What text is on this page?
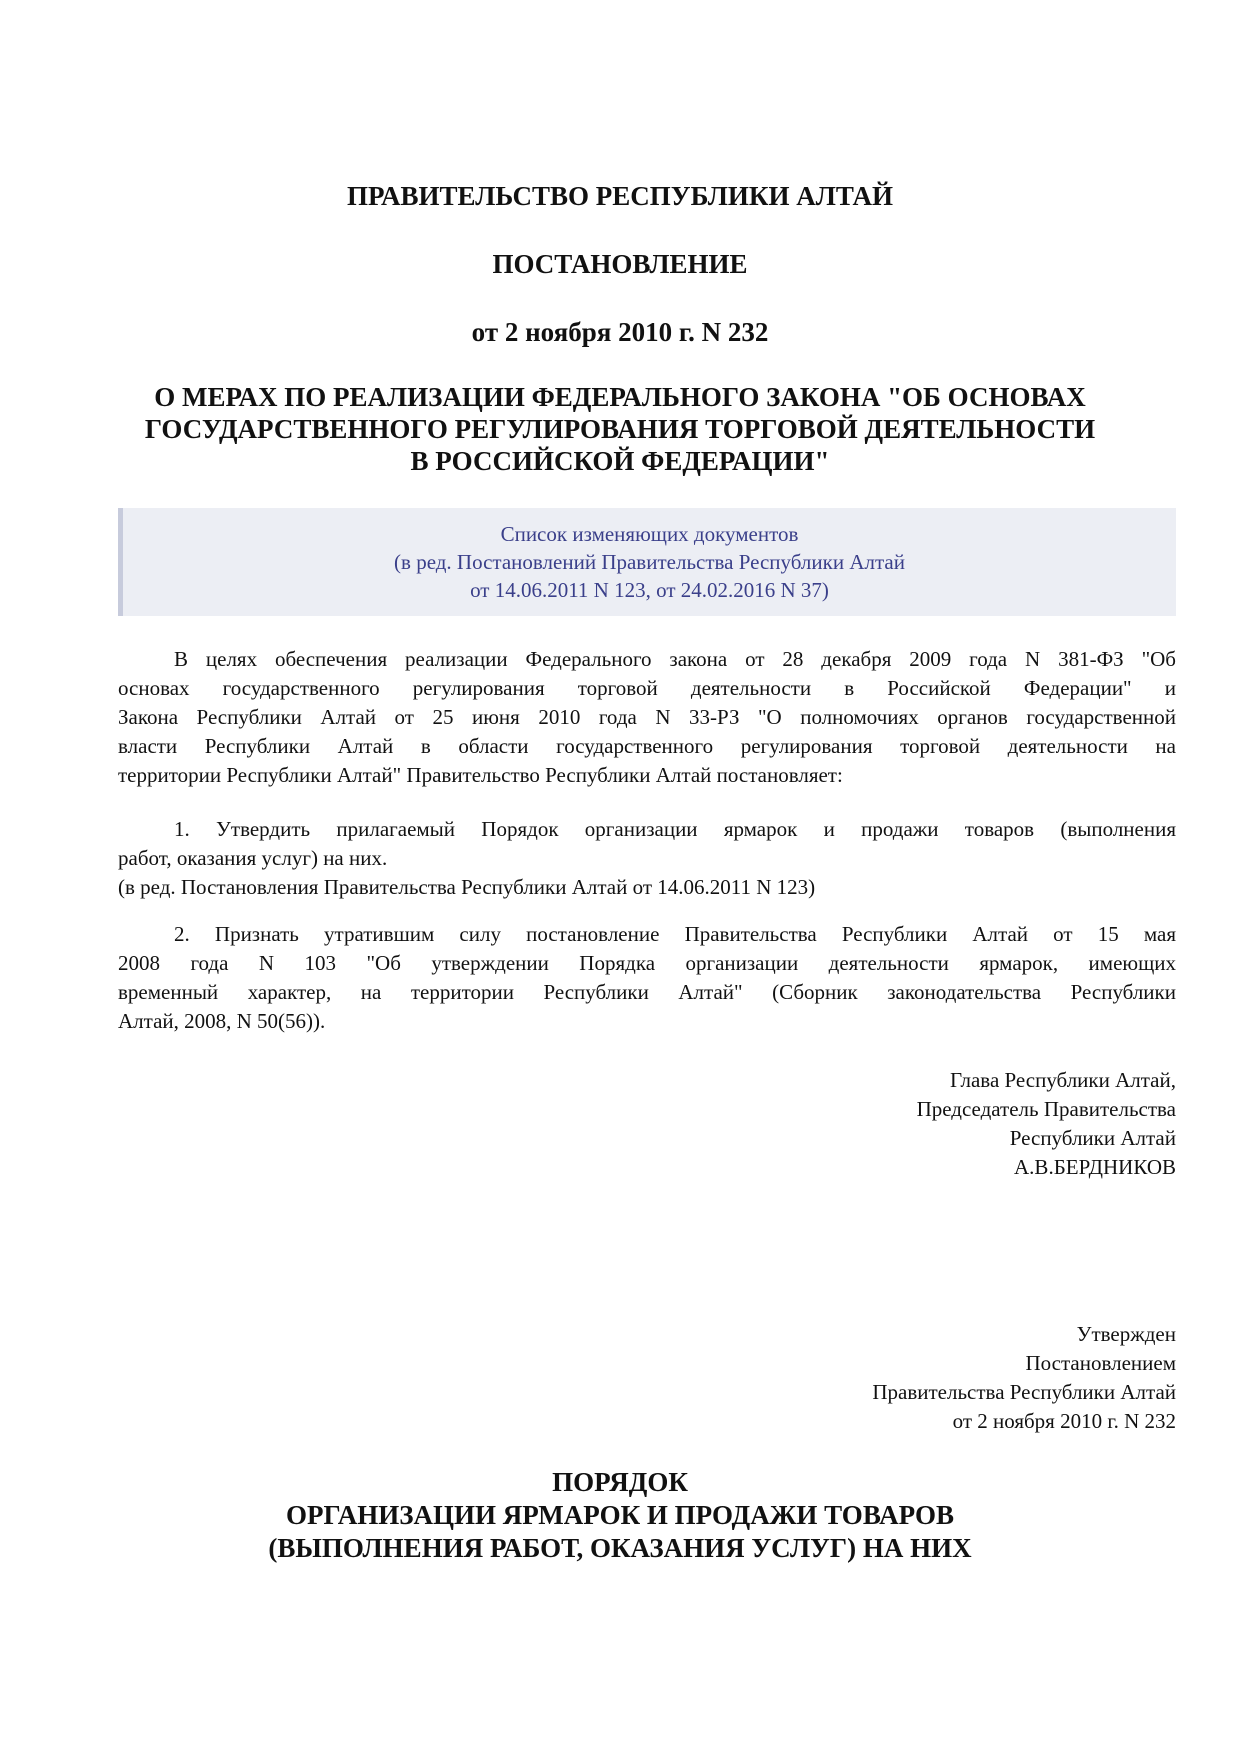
ПРАВИТЕЛЬСТВО РЕСПУБЛИКИ АЛТАЙ
ПОСТАНОВЛЕНИЕ
от 2 ноября 2010 г. N 232
О МЕРАХ ПО РЕАЛИЗАЦИИ ФЕДЕРАЛЬНОГО ЗАКОНА "ОБ ОСНОВАХ
ГОСУДАРСТВЕННОГО РЕГУЛИРОВАНИЯ ТОРГОВОЙ ДЕЯТЕЛЬНОСТИ
В РОССИЙСКОЙ ФЕДЕРАЦИИ"
Список изменяющих документов
(в ред. Постановлений Правительства Республики Алтай
от 14.06.2011 N 123, от 24.02.2016 N 37)
В целях обеспечения реализации Федерального закона от 28 декабря 2009 года N 381-ФЗ "Об
основах государственного регулирования торговой деятельности в Российской Федерации" и
Закона Республики Алтай от 25 июня 2010 года N 33-РЗ "О полномочиях органов государственной
власти Республики Алтай в области государственного регулирования торговой деятельности на
территории Республики Алтай" Правительство Республики Алтай постановляет:
1. Утвердить прилагаемый Порядок организации ярмарок и продажи товаров (выполнения
работ, оказания услуг) на них.
(в ред. Постановления Правительства Республики Алтай от 14.06.2011 N 123)
2. Признать утратившим силу постановление Правительства Республики Алтай от 15 мая
2008 года N 103 "Об утверждении Порядка организации деятельности ярмарок, имеющих
временный характер, на территории Республики Алтай" (Сборник законодательства Республики
Алтай, 2008, N 50(56)).
Глава Республики Алтай,
Председатель Правительства
Республики Алтай
А.В.БЕРДНИКОВ
Утвержден
Постановлением
Правительства Республики Алтай
от 2 ноября 2010 г. N 232
ПОРЯДОК
ОРГАНИЗАЦИИ ЯРМАРОК И ПРОДАЖИ ТОВАРОВ
(ВЫПОЛНЕНИЯ РАБОТ, ОКАЗАНИЯ УСЛУГ) НА НИХ
